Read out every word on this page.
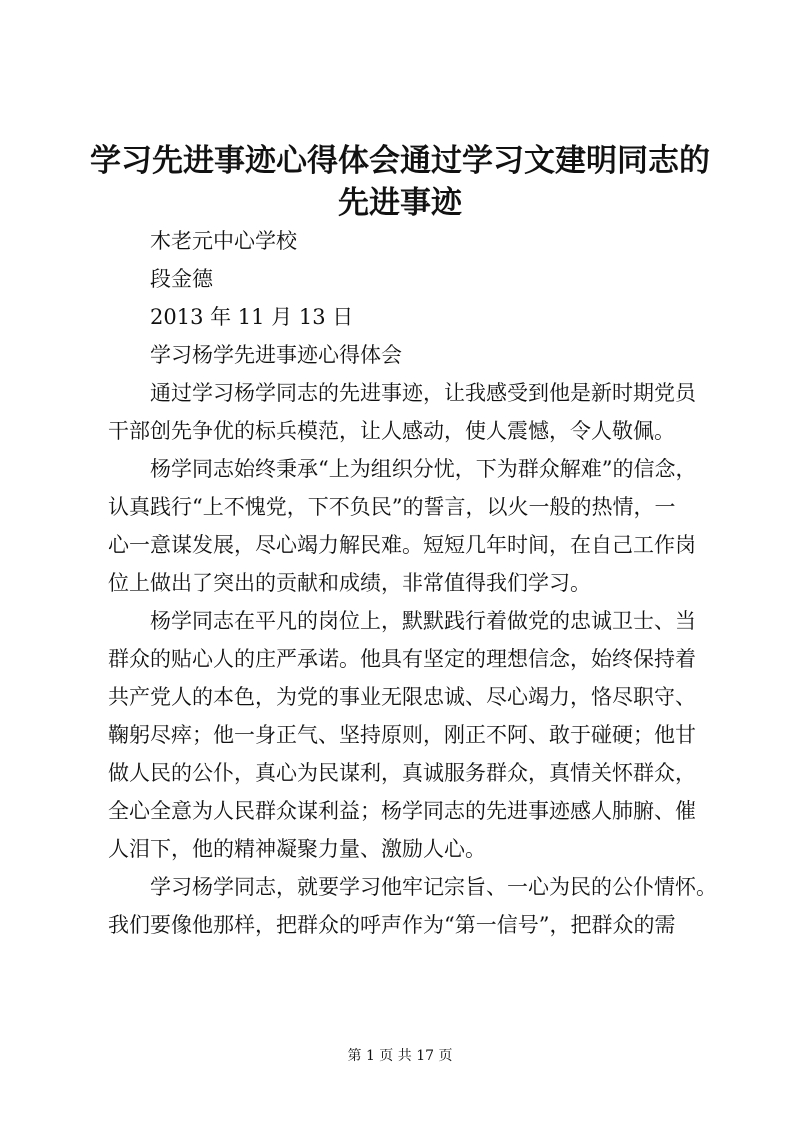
学习先进事迹心得体会通过学习文建明同志的
先进事迹
木老元中心学校
段金德
2013 年 11 月 13 日
学习杨学先进事迹心得体会

通过学习杨学同志的先进事迹，让我感受到他是新时期党员
干部创先争优的标兵模范，让人感动，使人震憾，令人敬佩。

杨学同志始终秉承“上为组织分忧，下为群众解难”的信念，
认真践行“上不愧党，下不负民”的誓言，以火一般的热情，一
心一意谋发展，尽心竭力解民难。短短几年时间，在自己工作岗
位上做出了突出的贡献和成绩，非常值得我们学习。

杨学同志在平凡的岗位上，默默践行着做党的忠诚卫士、当
群众的贴心人的庄严承诺。他具有坚定的理想信念，始终保持着
共产党人的本色，为党的事业无限忠诚、尽心竭力，恪尽职守、
鞠躬尽瘁；他一身正气、坚持原则，刚正不阿、敢于碰硬；他甘
做人民的公仆，真心为民谋利，真诚服务群众，真情关怀群众，
全心全意为人民群众谋利益；杨学同志的先进事迹感人肺腑、催
人泪下，他的精神凝聚力量、激励人心。

学习杨学同志，就要学习他牢记宗旨、一心为民的公仆情怀。
我们要像他那样，把群众的呼声作为“第一信号”，把群众的需

第 1 页 共 17 页
